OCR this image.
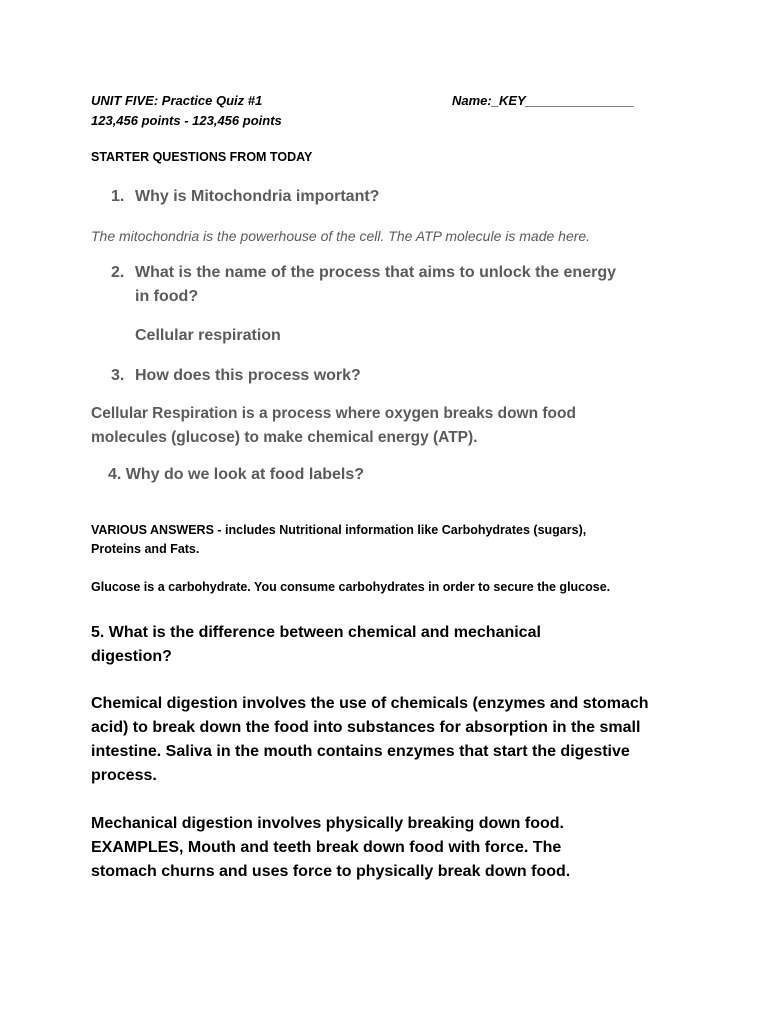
UNIT FIVE: Practice Quiz #1	Name:_KEY_______________

123,456 points - 123,456 points

STARTER QUESTIONS FROM TODAY

1. Why is Mitochondria important?

The mitochondria is the powerhouse of the cell. The ATP molecule is made here.

2. What is the name of the process that aims to unlock the energy

in food?

Cellular respiration

3. How does this process work?

Cellular Respiration is a process where oxygen breaks down food molecules (glucose) to make chemical energy (ATP).

4. Why do we look at food labels?

VARIOUS ANSWERS - includes Nutritional information like Carbohydrates (sugars),

Proteins and Fats.

Glucose is a carbohydrate. You consume carbohydrates in order to secure the glucose.

5. What is the difference between chemical and mechanical digestion?

Chemical digestion involves the use of chemicals (enzymes and stomach acid) to break down the food into substances for absorption in the small intestine. Saliva in the mouth contains enzymes that start the digestive process.

Mechanical digestion involves physically breaking down food. EXAMPLES, Mouth and teeth break down food with force. The stomach churns and uses force to physically break down food.
